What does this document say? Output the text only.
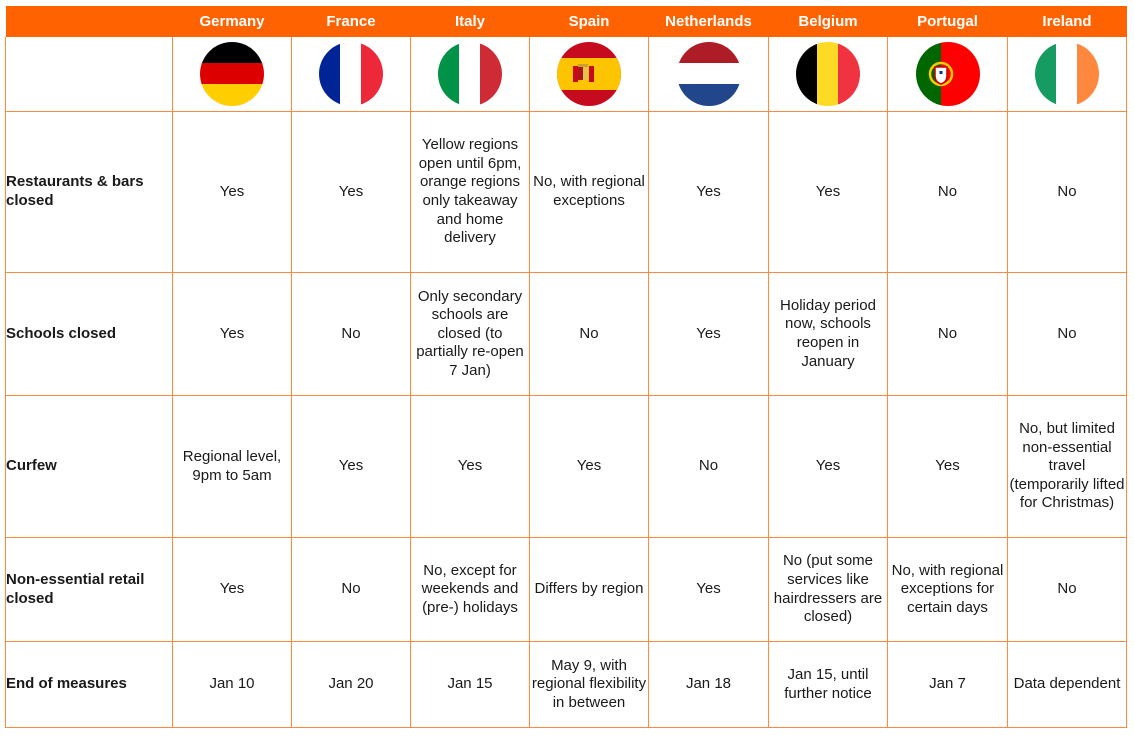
	Germany	France	Italy	Spain	Netherlands	Belgium	Portugal	Ireland

Restaurants & bars closed	Yes	Yes	Yellow regions open until 6pm, orange regions only takeaway and home delivery	No, with regional exceptions	Yes	Yes	No	No
Schools closed	Yes	No	Only secondary schools are closed (to partially re-open 7 Jan)	No	Yes	Holiday period now, schools reopen in January	No	No
Curfew	Regional level, 9pm to 5am	Yes	Yes	Yes	No	Yes	Yes	No, but limited non-essential travel (temporarily lifted for Christmas)
Non-essential retail closed	Yes	No	No, except for weekends and (pre-) holidays	Differs by region	Yes	No (put some services like hairdressers are closed)	No, with regional exceptions for certain days	No
End of measures	Jan 10	Jan 20	Jan 15	May 9, with regional flexibility in between	Jan 18	Jan 15, until further notice	Jan 7	Data dependent
